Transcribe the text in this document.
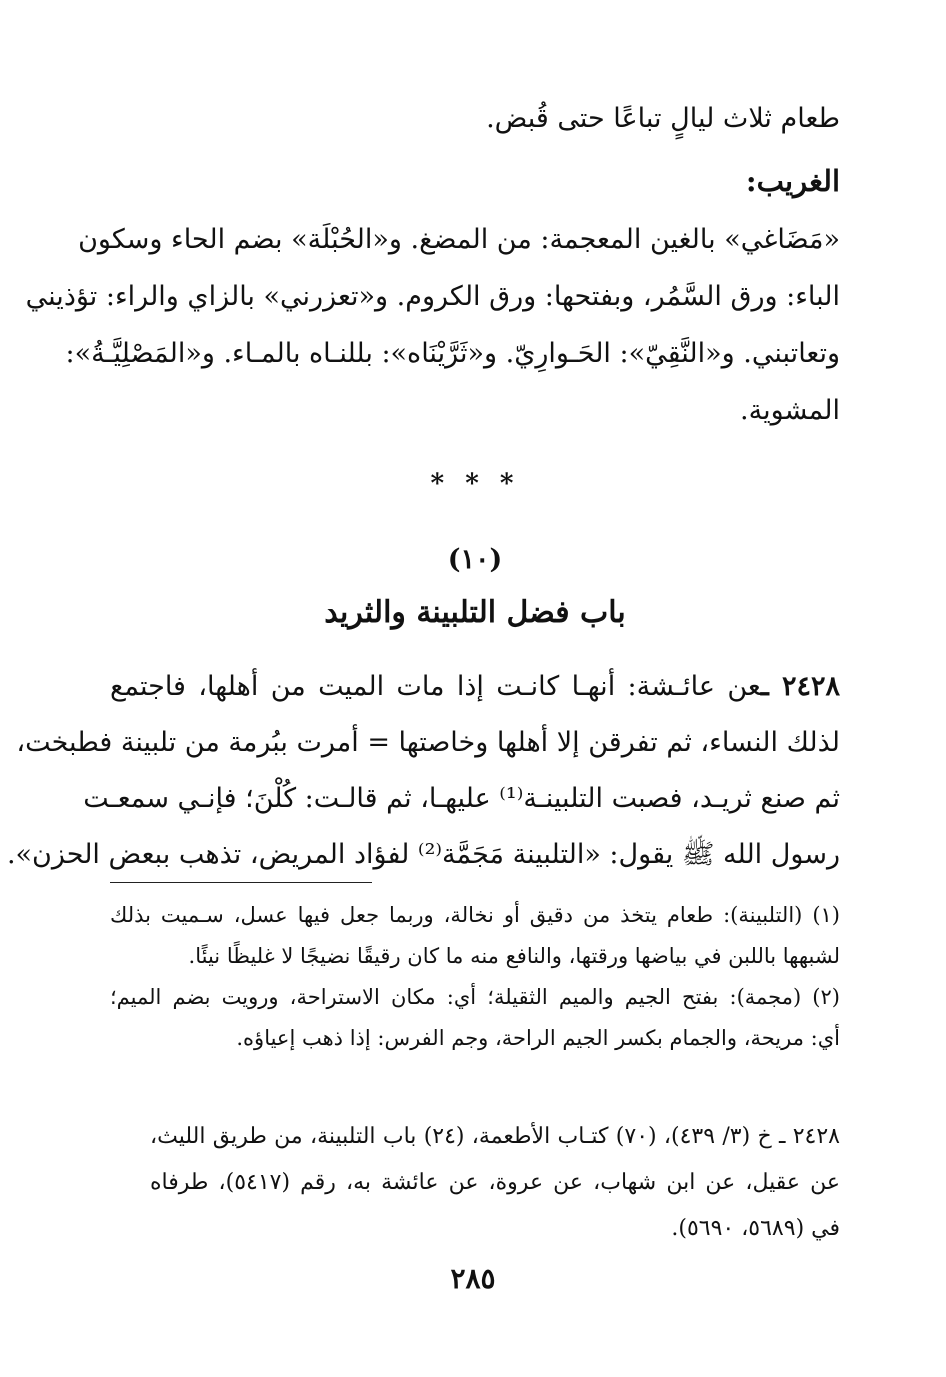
طعام ثلاث ليالٍ تباعًا حتى قُبض.
الغريب:
«مَضَاغي» بالغين المعجمة: من المضغ. و«الحُبْلَة» بضم الحاء وسكون
الباء: ورق السَّمُر، وبفتحها: ورق الكروم. و«تعزرني» بالزاي والراء: تؤذيني
وتعاتبني. و«النَّقِيّ»: الحَـوارِيّ. و«ثَرَّيْنَاه»: بللنـاه بالمـاء. و«المَصْلِيَّـةُ»:
المشوية.
* * *
(١٠)
باب فضل التلبينة والثريد
٢٤٢٨ ـعن عائـشة: أنهـا كانـت إذا مات الميت من أهلها، فاجتمع
لذلك النساء، ثم تفرقن إلا أهلها وخاصتها = أمرت ببُرمة من تلبينة فطبخت،
ثم صنع ثريـد، فصبت التلبينـة⁽¹⁾ عليهـا، ثم قالـت: كُلْنَ؛ فإنـي سمعـت
رسول الله ﷺ يقول: «التلبينة مَجَمَّة⁽²⁾ لفؤاد المريض، تذهب ببعض الحزن».
(١) (التلبينة): طعام يتخذ من دقيق أو نخالة، وربما جعل فيها عسل، سـميت بذلك
لشبهها باللبن في بياضها ورقتها، والنافع منه ما كان رقيقًا نضيجًا لا غليظًا نيئًا.
(٢) (مجمة): بفتح الجيم والميم الثقيلة؛ أي: مكان الاستراحة، ورويت بضم الميم؛
أي: مريحة، والجمام بكسر الجيم الراحة، وجم الفرس: إذا ذهب إعياؤه.
٢٤٢٨ ـ خ (٣/ ٤٣٩)، (٧٠) كتـاب الأطعمة، (٢٤) باب التلبينة، من طريق الليث،
عن عقيل، عن ابن شهاب، عن عروة، عن عائشة به، رقم (٥٤١٧)، طرفاه
في (٥٦٨٩، ٥٦٩٠).
٢٨٥
